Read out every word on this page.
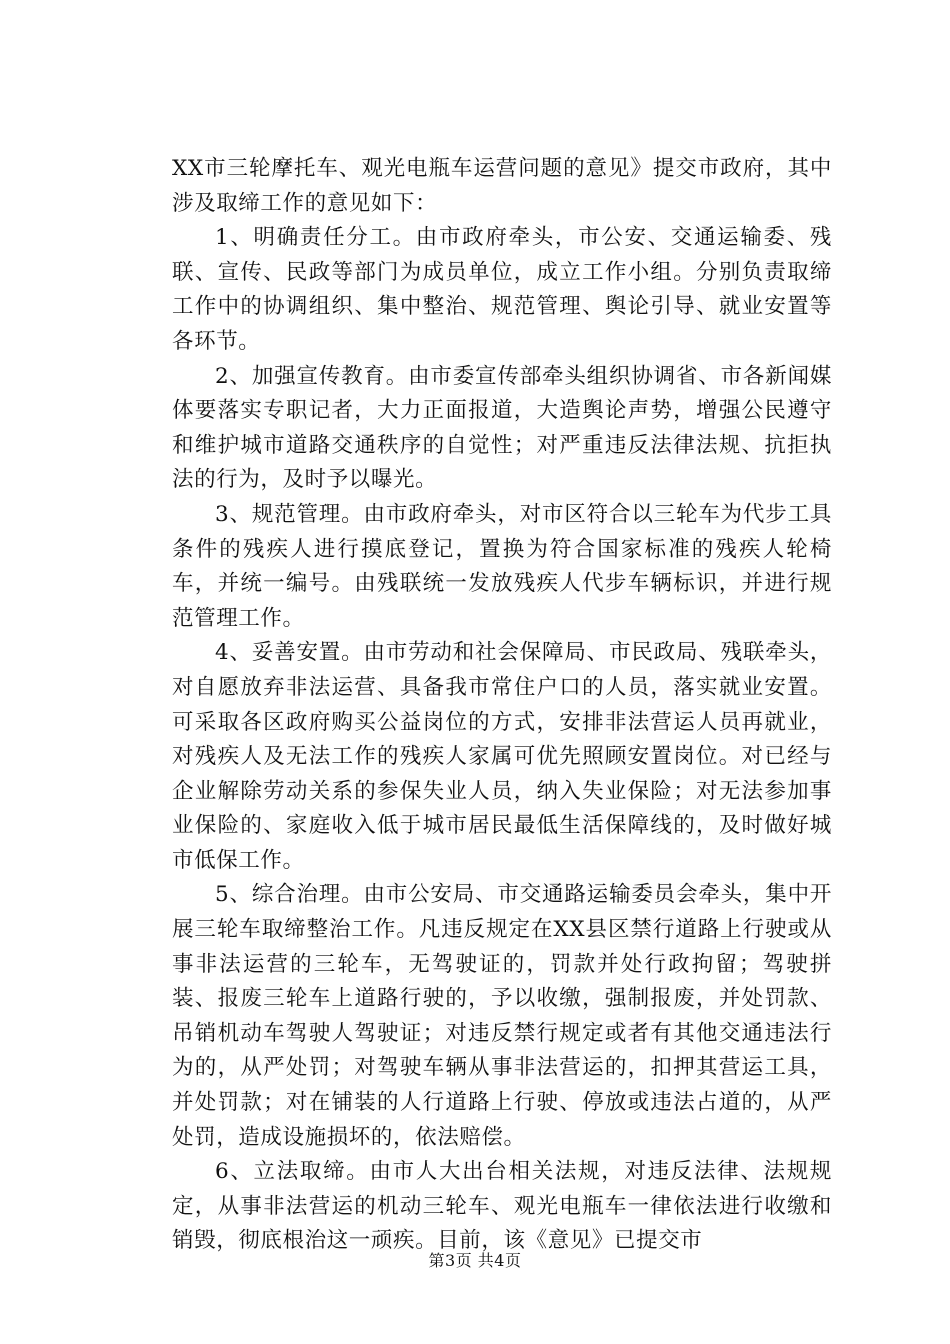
XX市三轮摩托车、观光电瓶车运营问题的意见》提交市政府，其中涉及取缔工作的意见如下：

1、明确责任分工。由市政府牵头，市公安、交通运输委、残联、宣传、民政等部门为成员单位，成立工作小组。分别负责取缔工作中的协调组织、集中整治、规范管理、舆论引导、就业安置等各环节。

2、加强宣传教育。由市委宣传部牵头组织协调省、市各新闻媒体要落实专职记者，大力正面报道，大造舆论声势，增强公民遵守和维护城市道路交通秩序的自觉性；对严重违反法律法规、抗拒执法的行为，及时予以曝光。

3、规范管理。由市政府牵头，对市区符合以三轮车为代步工具条件的残疾人进行摸底登记，置换为符合国家标准的残疾人轮椅车，并统一编号。由残联统一发放残疾人代步车辆标识，并进行规范管理工作。

4、妥善安置。由市劳动和社会保障局、市民政局、残联牵头，对自愿放弃非法运营、具备我市常住户口的人员，落实就业安置。可采取各区政府购买公益岗位的方式，安排非法营运人员再就业，对残疾人及无法工作的残疾人家属可优先照顾安置岗位。对已经与企业解除劳动关系的参保失业人员，纳入失业保险；对无法参加事业保险的、家庭收入低于城市居民最低生活保障线的，及时做好城市低保工作。

5、综合治理。由市公安局、市交通路运输委员会牵头，集中开展三轮车取缔整治工作。凡违反规定在XX县区禁行道路上行驶或从事非法运营的三轮车，无驾驶证的，罚款并处行政拘留；驾驶拼装、报废三轮车上道路行驶的，予以收缴，强制报废，并处罚款、吊销机动车驾驶人驾驶证；对违反禁行规定或者有其他交通违法行为的，从严处罚；对驾驶车辆从事非法营运的，扣押其营运工具，并处罚款；对在铺装的人行道路上行驶、停放或违法占道的，从严处罚，造成设施损坏的，依法赔偿。

6、立法取缔。由市人大出台相关法规，对违反法律、法规规定，从事非法营运的机动三轮车、观光电瓶车一律依法进行收缴和销毁，彻底根治这一顽疾。目前，该《意见》已提交市

第3页 共4页
